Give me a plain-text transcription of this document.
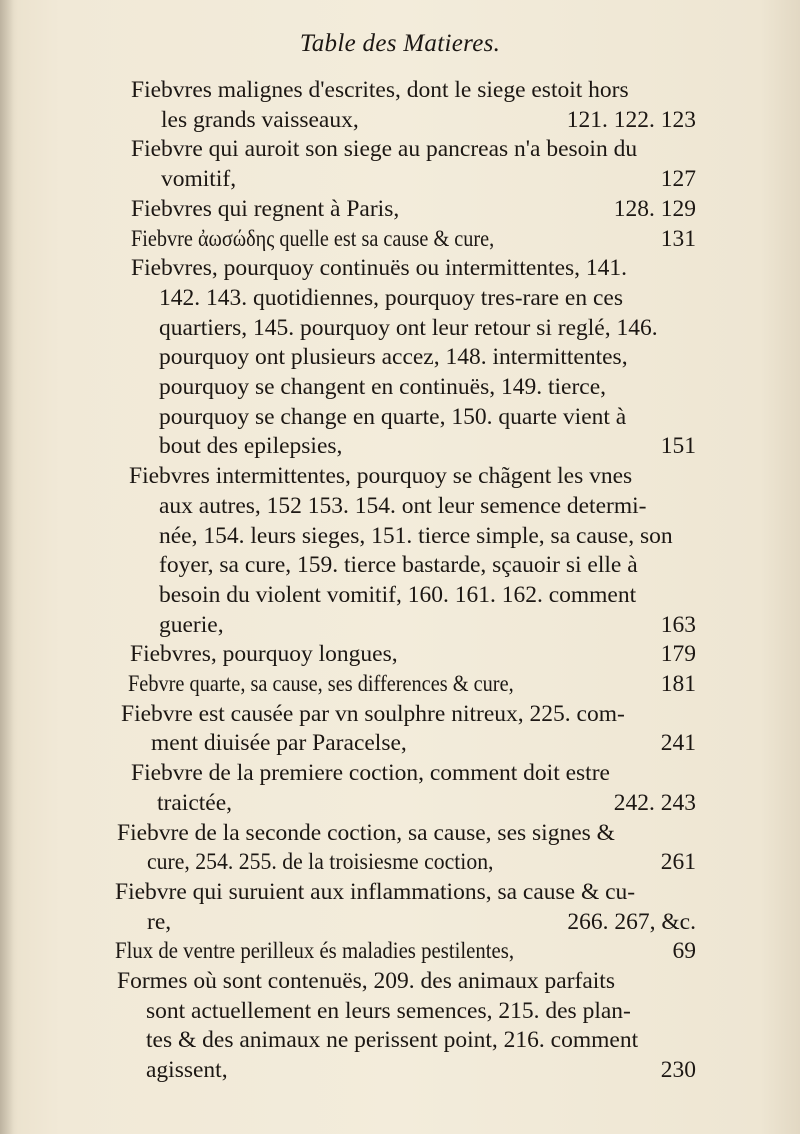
Table des Matieres.
Fiebvres malignes d'escrites, dont le siege estoit hors
les grands vaisseaux,	121. 122. 123
Fiebvre qui auroit son siege au pancreas n'a besoin du
vomitif,	127
Fiebvres qui regnent à Paris,	128. 129
Fiebvre ἀωσώδης quelle est sa cause & cure,	131
Fiebvres, pourquoy continuës ou intermittentes, 141.
142. 143. quotidiennes, pourquoy tres-rare en ces
quartiers, 145. pourquoy ont leur retour si reglé, 146.
pourquoy ont plusieurs accez, 148. intermittentes,
pourquoy se changent en continuës, 149. tierce,
pourquoy se change en quarte, 150. quarte vient à
bout des epilepsies,	151
Fiebvres intermittentes, pourquoy se chãgent les vnes
aux autres, 152 153. 154. ont leur semence determi-
née, 154. leurs sieges, 151. tierce simple, sa cause, son
foyer, sa cure, 159. tierce bastarde, sçauoir si elle à
besoin du violent vomitif, 160. 161. 162. comment
guerie,	163
Fiebvres, pourquoy longues,	179
Febvre quarte, sa cause, ses differences & cure,	181
Fiebvre est causée par vn soulphre nitreux, 225. com-
ment diuisée par Paracelse,	241
Fiebvre de la premiere coction, comment doit estre
traictée,	242. 243
Fiebvre de la seconde coction, sa cause, ses signes &
cure, 254. 255. de la troisiesme coction,	261
Fiebvre qui suruient aux inflammations, sa cause & cu-
re,	266. 267, &c.
Flux de ventre perilleux és maladies pestilentes,	69
Formes où sont contenuës, 209. des animaux parfaits
sont actuellement en leurs semences, 215. des plan-
tes & des animaux ne perissent point, 216. comment
agissent,	230
